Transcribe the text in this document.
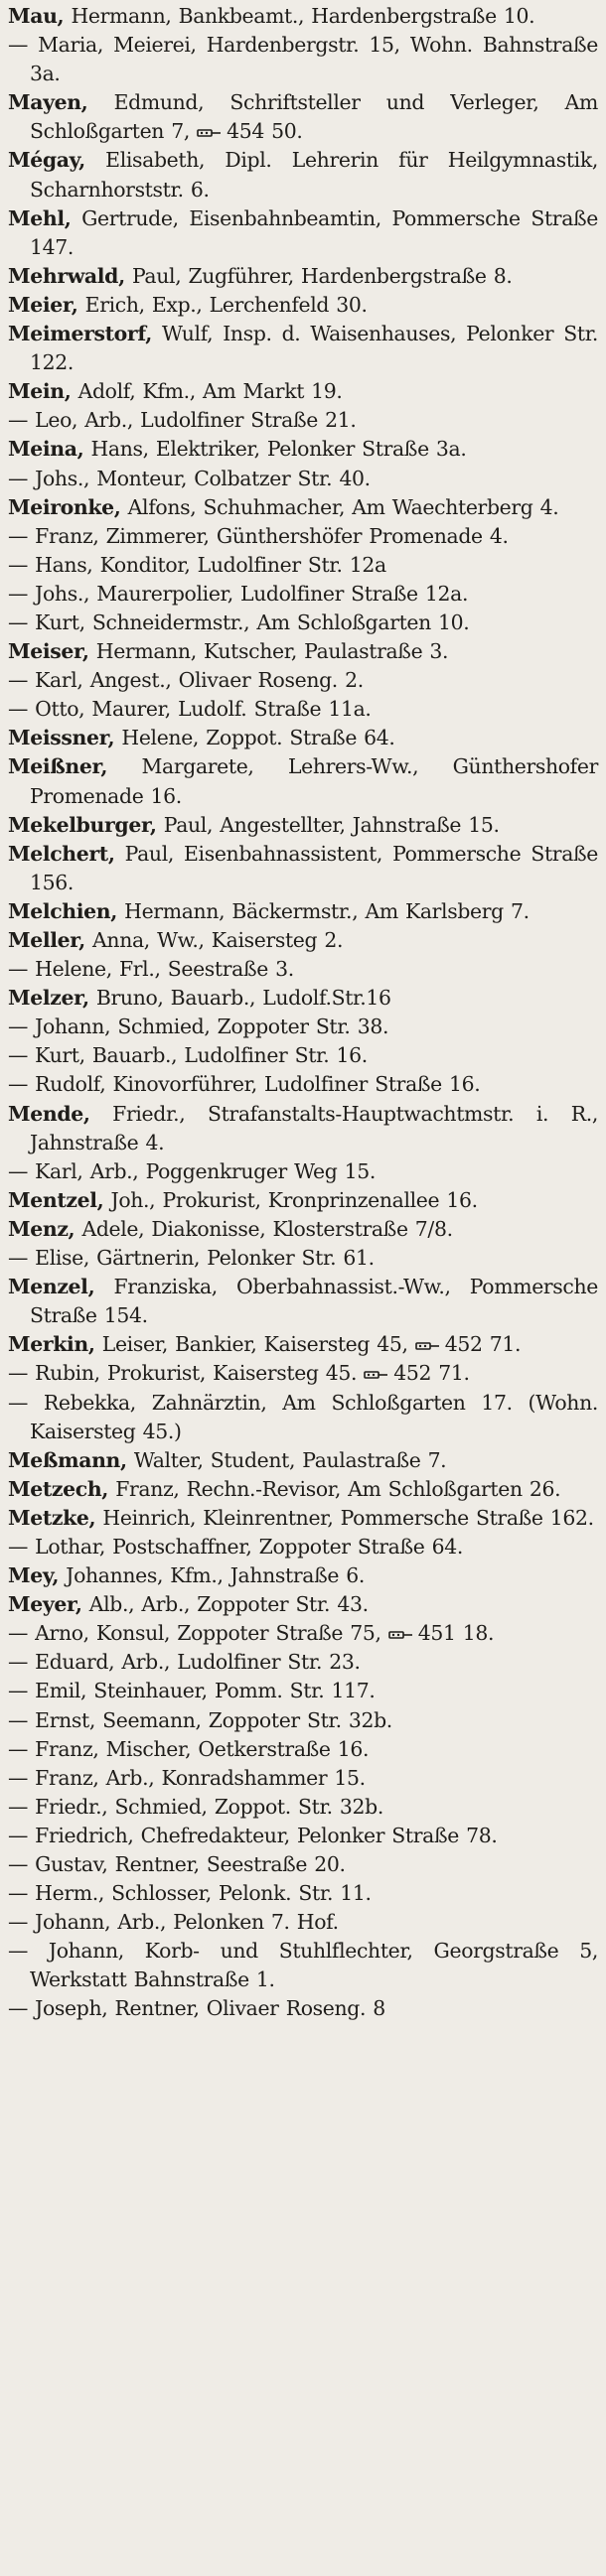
Mau, Hermann, Bankbeamt., Hardenbergstraße 10.
— Maria, Meierei, Hardenbergstr. 15, Wohn. Bahnstraße 3a.
Mayen, Edmund, Schriftsteller und Verleger, Am Schloßgarten 7, 454 50.
Mégay, Elisabeth, Dipl. Lehrerin für Heilgymnastik, Scharnhorststr. 6.
Mehl, Gertrude, Eisenbahnbeamtin, Pommersche Straße 147.
Mehrwald, Paul, Zugführer, Hardenbergstraße 8.
Meier, Erich, Exp., Lerchenfeld 30.
Meimerstorf, Wulf, Insp. d. Waisenhauses, Pelonker Str. 122.
Mein, Adolf, Kfm., Am Markt 19.
— Leo, Arb., Ludolfiner Straße 21.
Meina, Hans, Elektriker, Pelonker Straße 3a.
— Johs., Monteur, Colbatzer Str. 40.
Meironke, Alfons, Schuhmacher, Am Waechterberg 4.
— Franz, Zimmerer, Günthershöfer Promenade 4.
— Hans, Konditor, Ludolfiner Str. 12a
— Johs., Maurerpolier, Ludolfiner Straße 12a.
— Kurt, Schneidermstr., Am Schloßgarten 10.
Meiser, Hermann, Kutscher, Paulastraße 3.
— Karl, Angest., Olivaer Roseng. 2.
— Otto, Maurer, Ludolf. Straße 11a.
Meissner, Helene, Zoppot. Straße 64.
Meißner, Margarete, Lehrers-Ww., Günthershofer Promenade 16.
Mekelburger, Paul, Angestellter, Jahnstraße 15.
Melchert, Paul, Eisenbahnassistent, Pommersche Straße 156.
Melchien, Hermann, Bäckermstr., Am Karlsberg 7.
Meller, Anna, Ww., Kaisersteg 2.
— Helene, Frl., Seestraße 3.
Melzer, Bruno, Bauarb., Ludolf.Str.16
— Johann, Schmied, Zoppoter Str. 38.
— Kurt, Bauarb., Ludolfiner Str. 16.
— Rudolf, Kinovorführer, Ludolfiner Straße 16.
Mende, Friedr., Strafanstalts-Hauptwachtmstr. i. R., Jahnstraße 4.
— Karl, Arb., Poggenkruger Weg 15.
Mentzel, Joh., Prokurist, Kronprinzenallee 16.
Menz, Adele, Diakonisse, Klosterstraße 7/8.
— Elise, Gärtnerin, Pelonker Str. 61.
Menzel, Franziska, Oberbahnassist.-Ww., Pommersche Straße 154.
Merkin, Leiser, Bankier, Kaisersteg 45, 452 71.
— Rubin, Prokurist, Kaisersteg 45. 452 71.
— Rebekka, Zahnärztin, Am Schloßgarten 17. (Wohn. Kaisersteg 45.)
Meßmann, Walter, Student, Paulastraße 7.
Metzech, Franz, Rechn.-Revisor, Am Schloßgarten 26.
Metzke, Heinrich, Kleinrentner, Pommersche Straße 162.
— Lothar, Postschaffner, Zoppoter Straße 64.
Mey, Johannes, Kfm., Jahnstraße 6.
Meyer, Alb., Arb., Zoppoter Str. 43.
— Arno, Konsul, Zoppoter Straße 75, 451 18.
— Eduard, Arb., Ludolfiner Str. 23.
— Emil, Steinhauer, Pomm. Str. 117.
— Ernst, Seemann, Zoppoter Str. 32b.
— Franz, Mischer, Oetkerstraße 16.
— Franz, Arb., Konradshammer 15.
— Friedr., Schmied, Zoppot. Str. 32b.
— Friedrich, Chefredakteur, Pelonker Straße 78.
— Gustav, Rentner, Seestraße 20.
— Herm., Schlosser, Pelonk. Str. 11.
— Johann, Arb., Pelonken 7. Hof.
— Johann, Korb- und Stuhlflechter, Georgstraße 5, Werkstatt Bahnstraße 1.
— Joseph, Rentner, Olivaer Roseng. 8
